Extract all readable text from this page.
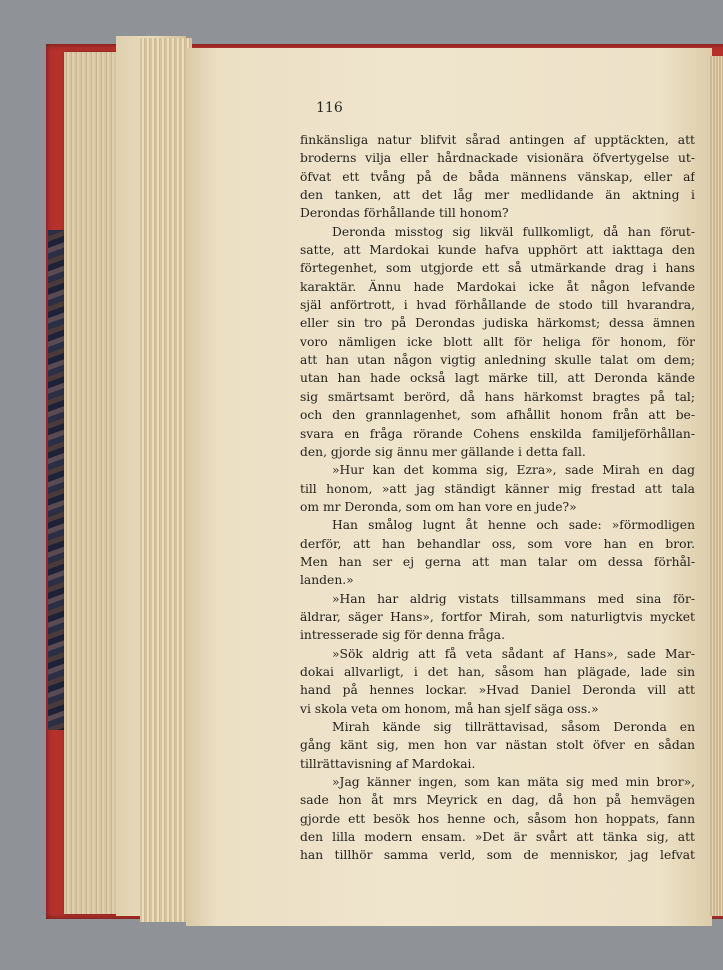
116
finkänsliga natur blifvit sårad antingen af upptäckten, att
broderns vilja eller hårdnackade visionära öfvertygelse ut-
öfvat ett tvång på de båda männens vänskap, eller af
den tanken, att det låg mer medlidande än aktning i
Derondas förhållande till honom?
Deronda misstog sig likväl fullkomligt, då han förut-
satte, att Mardokai kunde hafva upphört att iakttaga den
förtegenhet, som utgjorde ett så utmärkande drag i hans
karaktär. Ännu hade Mardokai icke åt någon lefvande
själ anförtrott, i hvad förhållande de stodo till hvarandra,
eller sin tro på Derondas judiska härkomst; dessa ämnen
voro nämligen icke blott allt för heliga för honom, för
att han utan någon vigtig anledning skulle talat om dem;
utan han hade också lagt märke till, att Deronda kände
sig smärtsamt berörd, då hans härkomst bragtes på tal;
och den grannlagenhet, som afhållit honom från att be-
svara en fråga rörande Cohens enskilda familjeförhållan-
den, gjorde sig ännu mer gällande i detta fall.
»Hur kan det komma sig, Ezra», sade Mirah en dag
till honom, »att jag ständigt känner mig frestad att tala
om mr Deronda, som om han vore en jude?»
Han smålog lugnt åt henne och sade: »förmodligen
derför, att han behandlar oss, som vore han en bror.
Men han ser ej gerna att man talar om dessa förhål-
landen.»
»Han har aldrig vistats tillsammans med sina för-
äldrar, säger Hans», fortfor Mirah, som naturligtvis mycket
intresserade sig för denna fråga.
»Sök aldrig att få veta sådant af Hans», sade Mar-
dokai allvarligt, i det han, såsom han plägade, lade sin
hand på hennes lockar. »Hvad Daniel Deronda vill att
vi skola veta om honom, må han sjelf säga oss.»
Mirah kände sig tillrättavisad, såsom Deronda en
gång känt sig, men hon var nästan stolt öfver en sådan
tillrättavisning af Mardokai.
»Jag känner ingen, som kan mäta sig med min bror»,
sade hon åt mrs Meyrick en dag, då hon på hemvägen
gjorde ett besök hos henne och, såsom hon hoppats, fann
den lilla modern ensam. »Det är svårt att tänka sig, att
han tillhör samma verld, som de menniskor, jag lefvat
